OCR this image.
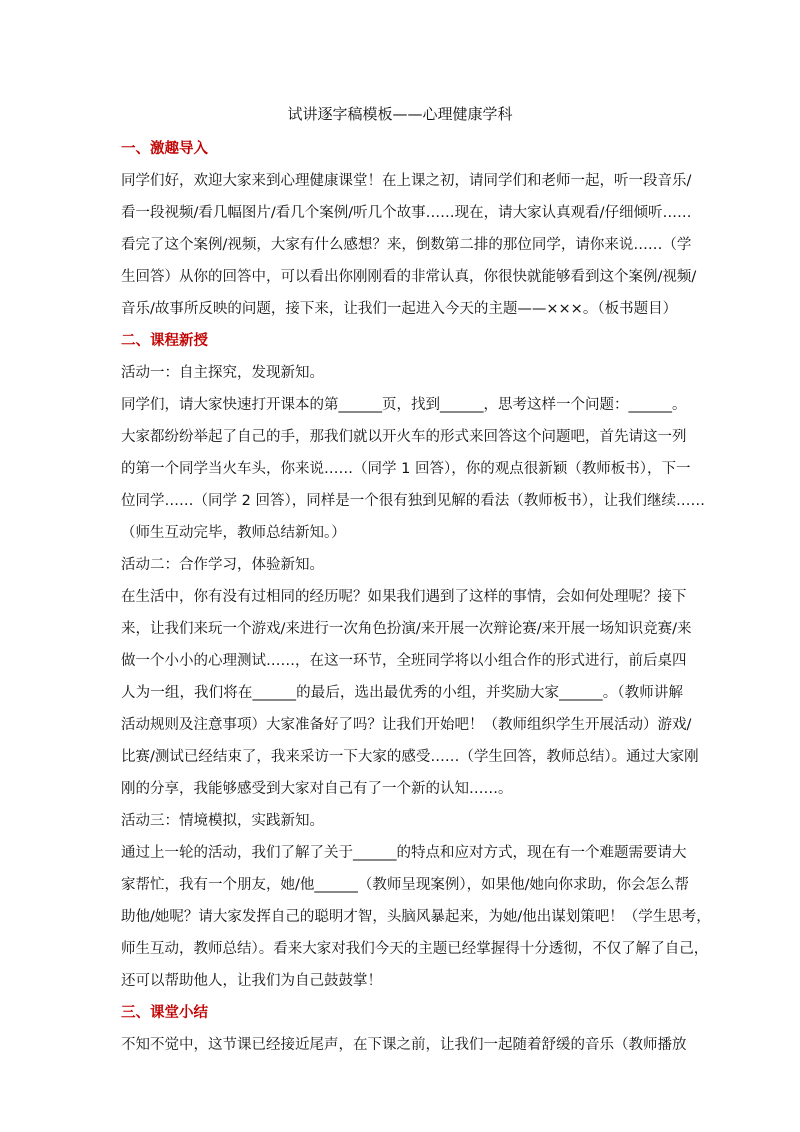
试讲逐字稿模板——心理健康学科
一、激趣导入

同学们好，欢迎大家来到心理健康课堂！在上课之初，请同学们和老师一起，听一段音乐/

看一段视频/看几幅图片/看几个案例/听几个故事……现在，请大家认真观看/仔细倾听……

看完了这个案例/视频，大家有什么感想？来，倒数第二排的那位同学，请你来说……（学

生回答）从你的回答中，可以看出你刚刚看的非常认真，你很快就能够看到这个案例/视频/

音乐/故事所反映的问题，接下来，让我们一起进入今天的主题——×××。（板书题目）

二、课程新授

活动一：自主探究，发现新知。

同学们，请大家快速打开课本的第______页，找到______，思考这样一个问题：______。

大家都纷纷举起了自己的手，那我们就以开火车的形式来回答这个问题吧，首先请这一列

的第一个同学当火车头，你来说……（同学 1 回答），你的观点很新颖（教师板书），下一

位同学……（同学 2 回答），同样是一个很有独到见解的看法（教师板书），让我们继续……

（师生互动完毕，教师总结新知。）

活动二：合作学习，体验新知。

在生活中，你有没有过相同的经历呢？如果我们遇到了这样的事情，会如何处理呢？接下

来，让我们来玩一个游戏/来进行一次角色扮演/来开展一次辩论赛/来开展一场知识竞赛/来

做一个小小的心理测试……，在这一环节，全班同学将以小组合作的形式进行，前后桌四

人为一组，我们将在______的最后，选出最优秀的小组，并奖励大家______。（教师讲解

活动规则及注意事项）大家准备好了吗？让我们开始吧！（教师组织学生开展活动）游戏/

比赛/测试已经结束了，我来采访一下大家的感受……（学生回答，教师总结）。通过大家刚

刚的分享，我能够感受到大家对自己有了一个新的认知……。

活动三：情境模拟，实践新知。

通过上一轮的活动，我们了解了关于______的特点和应对方式，现在有一个难题需要请大

家帮忙，我有一个朋友，她/他______（教师呈现案例），如果他/她向你求助，你会怎么帮

助他/她呢？请大家发挥自己的聪明才智，头脑风暴起来，为她/他出谋划策吧！（学生思考，

师生互动，教师总结）。看来大家对我们今天的主题已经掌握得十分透彻，不仅了解了自己，

还可以帮助他人，让我们为自己鼓鼓掌！

三、课堂小结

不知不觉中，这节课已经接近尾声，在下课之前，让我们一起随着舒缓的音乐（教师播放
